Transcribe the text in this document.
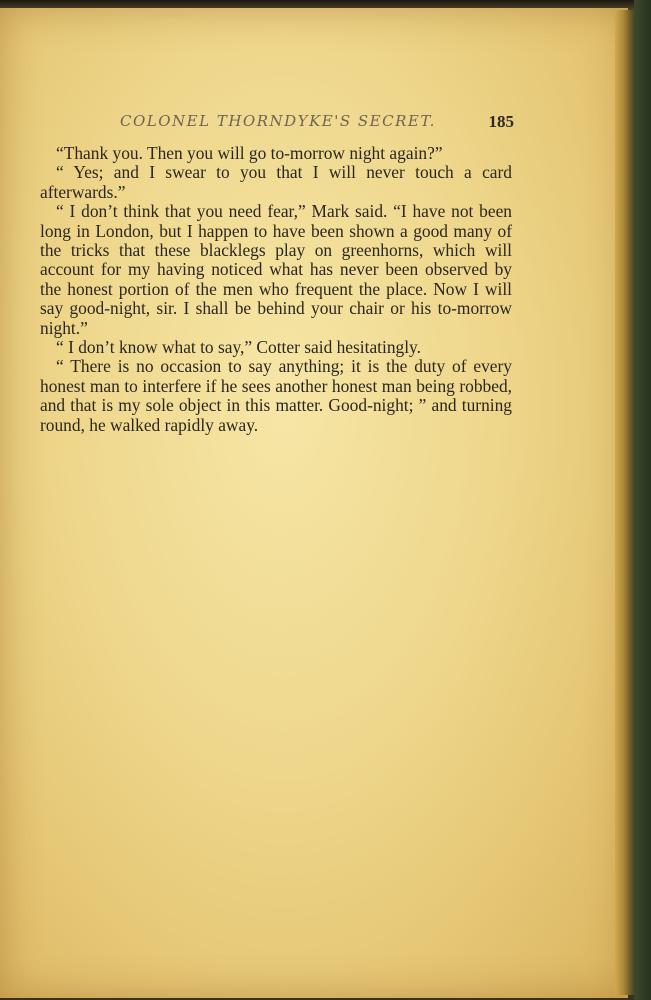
COLONEL THORNDYKE'S SECRET.	185

“Thank you. Then you will go to-morrow night again?”

“ Yes; and I swear to you that I will never touch a card afterwards.”

“ I don’t think that you need fear,” Mark said. “I have not been long in London, but I happen to have been shown a good many of the tricks that these blacklegs play on greenhorns, which will account for my having noticed what has never been observed by the honest portion of the men who frequent the place. Now I will say good-night, sir. I shall be behind your chair or his to-morrow night.”

“ I don’t know what to say,” Cotter said hesitatingly.

“ There is no occasion to say anything; it is the duty of every honest man to interfere if he sees another honest man being robbed, and that is my sole object in this matter. Good-night; ” and turning round, he walked rapidly away.
